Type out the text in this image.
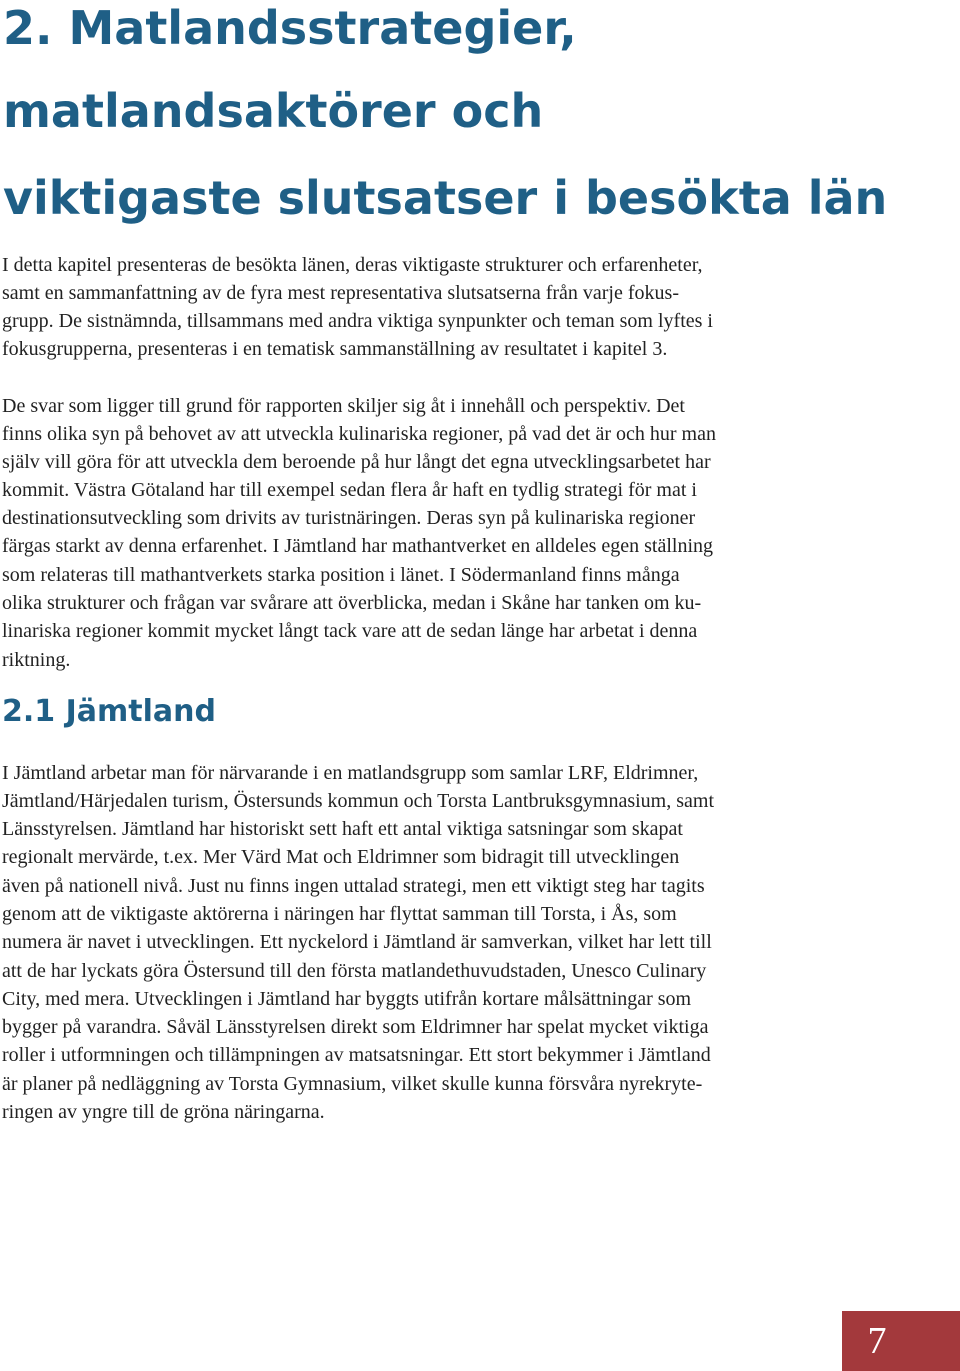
2. Matlandsstrategier,
matlandsaktörer och
viktigaste slutsatser i besökta län

I detta kapitel presenteras de besökta länen, deras viktigaste strukturer och erfarenheter,

samt en sammanfattning av de fyra mest representativa slutsatserna från varje fokus-

grupp. De sistnämnda, tillsammans med andra viktiga synpunkter och teman som lyftes i

fokusgrupperna, presenteras i en tematisk sammanställning av resultatet i kapitel 3.

De svar som ligger till grund för rapporten skiljer sig åt i innehåll och perspektiv. Det

finns olika syn på behovet av att utveckla kulinariska regioner, på vad det är och hur man

själv vill göra för att utveckla dem beroende på hur långt det egna utvecklingsarbetet har

kommit. Västra Götaland har till exempel sedan flera år haft en tydlig strategi för mat i

destinationsutveckling som drivits av turistnäringen. Deras syn på kulinariska regioner

färgas starkt av denna erfarenhet. I Jämtland har mathantverket en alldeles egen ställning

som relateras till mathantverkets starka position i länet. I Södermanland finns många

olika strukturer och frågan var svårare att överblicka, medan i Skåne har tanken om ku-

linariska regioner kommit mycket långt tack vare att de sedan länge har arbetat i denna

riktning.

2.1 Jämtland

I Jämtland arbetar man för närvarande i en matlandsgrupp som samlar LRF, Eldrimner,

Jämtland/Härjedalen turism, Östersunds kommun och Torsta Lantbruksgymnasium, samt

Länsstyrelsen. Jämtland har historiskt sett haft ett antal viktiga satsningar som skapat

regionalt mervärde, t.ex. Mer Värd Mat och Eldrimner som bidragit till utvecklingen

även på nationell nivå. Just nu finns ingen uttalad strategi, men ett viktigt steg har tagits

genom att de viktigaste aktörerna i näringen har flyttat samman till Torsta, i Ås, som

numera är navet i utvecklingen. Ett nyckelord i Jämtland är samverkan, vilket har lett till

att de har lyckats göra Östersund till den första matlandethuvudstaden, Unesco Culinary

City, med mera. Utvecklingen i Jämtland har byggts utifrån kortare målsättningar som

bygger på varandra. Såväl Länsstyrelsen direkt som Eldrimner har spelat mycket viktiga

roller i utformningen och tillämpningen av matsatsningar. Ett stort bekymmer i Jämtland

är planer på nedläggning av Torsta Gymnasium, vilket skulle kunna försvåra nyrekryte-

ringen av yngre till de gröna näringarna.

7
